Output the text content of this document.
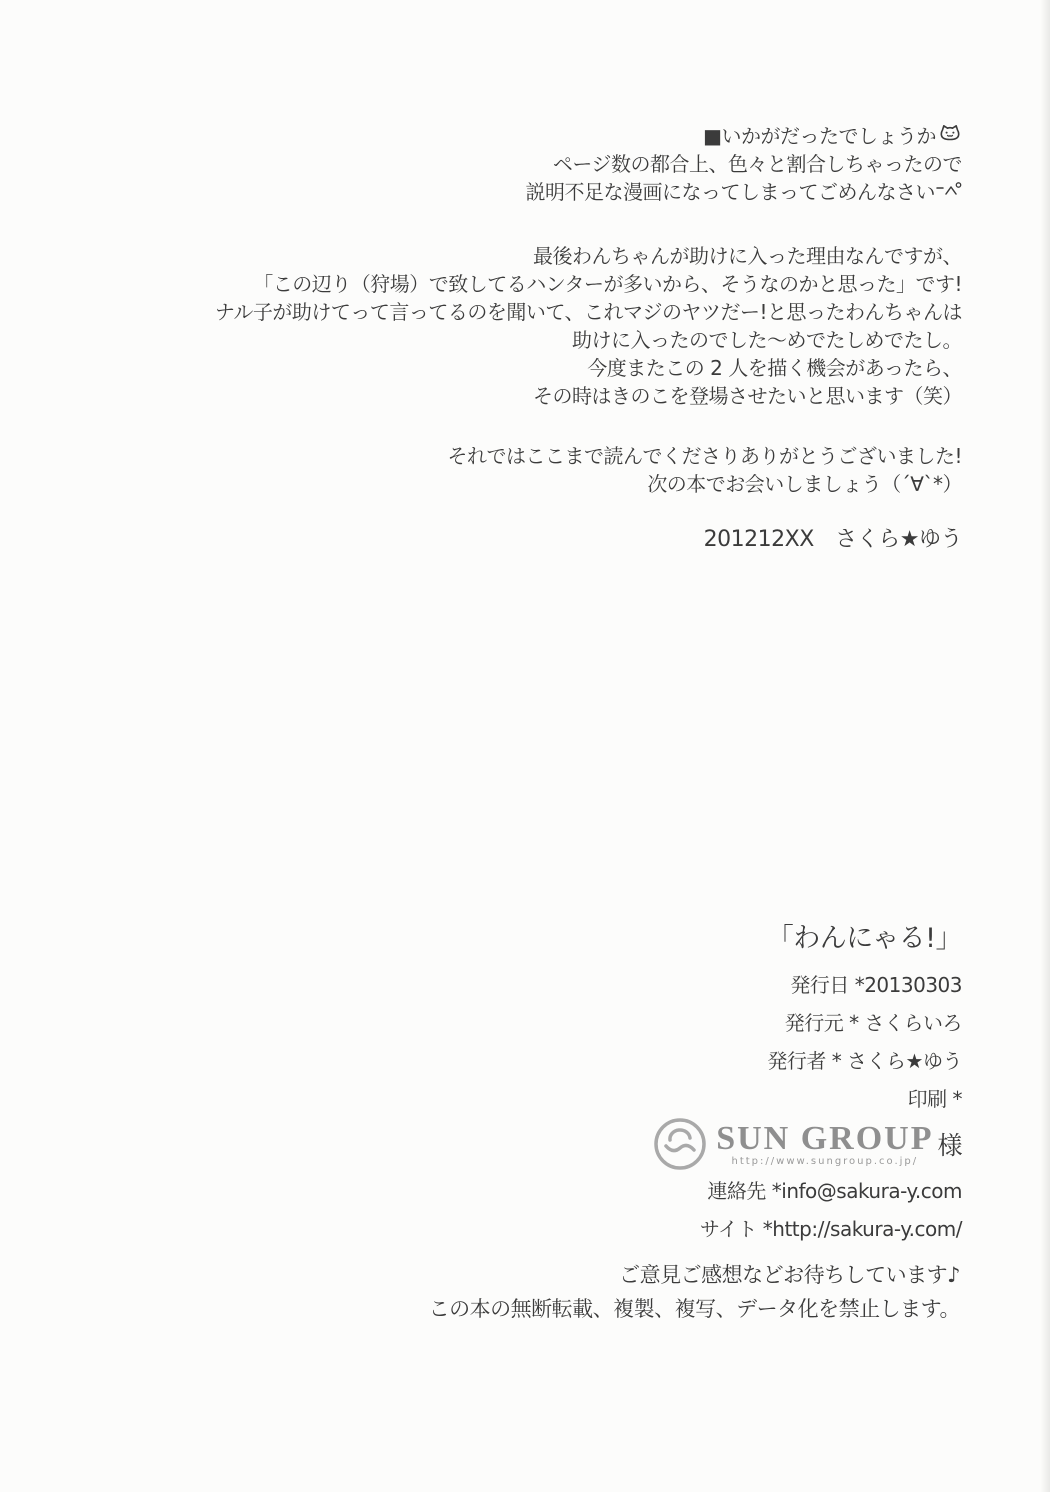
■いかがだったでしょうか

ページ数の都合上、色々と割合しちゃったので

説明不足な漫画になってしまってごめんなさい

最後わんちゃんが助けに入った理由なんですが、

「この辺り（狩場）で致してるハンターが多いから、そうなのかと思った」です!

ナル子が助けてって言ってるのを聞いて、これマジのヤツだー!と思ったわんちゃんは

助けに入ったのでした～めでたしめでたし。

今度またこの 2 人を描く機会があったら、

その時はきのこを登場させたいと思います（笑）

それではここまで読んでくださりありがとうございました!

次の本でお会いしましょう（´∀`*）

201212XX　さくら★ゆう

「わんにゃる!」

発行日 *20130303

発行元 * さくらいろ

発行者 * さくら★ゆう

印刷 *

SUN GROUP
http://www.sungroup.co.jp/
様

連絡先 *info@sakura-y.com

サイト *http://sakura-y.com/

ご意見ご感想などお待ちしています♪

この本の無断転載、複製、複写、データ化を禁止します。
